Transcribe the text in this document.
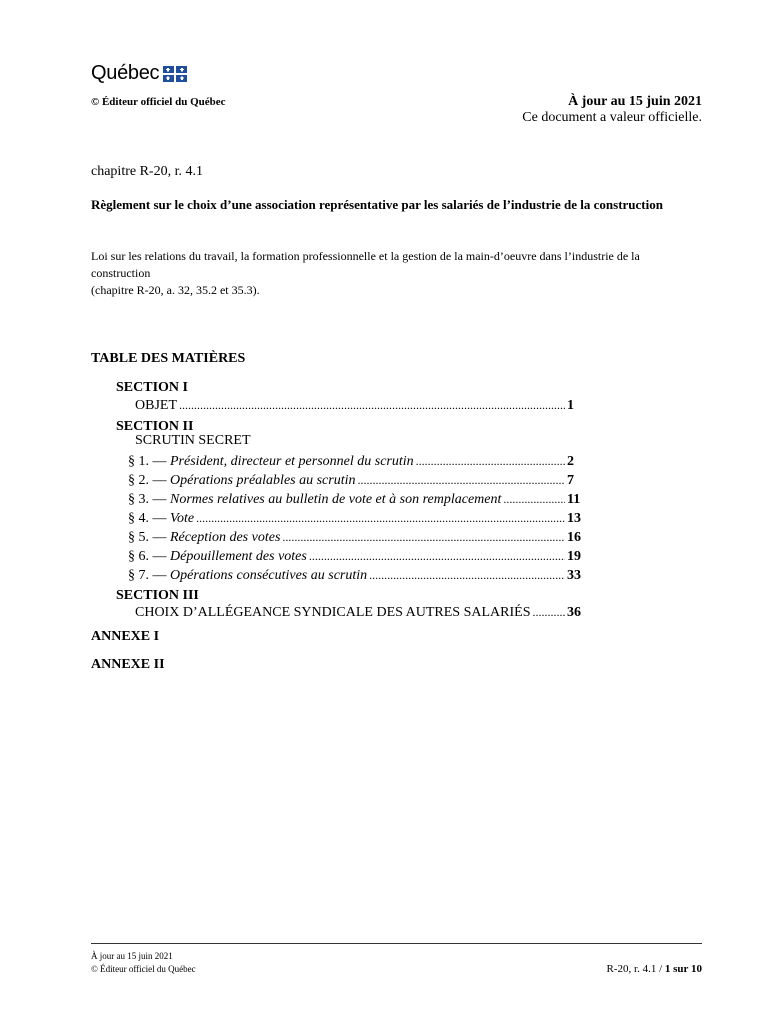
Québec
© Éditeur officiel du Québec	À jour au 15 juin 2021
Ce document a valeur officielle.
chapitre R-20, r. 4.1
Règlement sur le choix d’une association représentative par les salariés de l’industrie de la construction
Loi sur les relations du travail, la formation professionnelle et la gestion de la main-d’oeuvre dans l’industrie de la construction
(chapitre R-20, a. 32, 35.2 et 35.3).
TABLE DES MATIÈRES
SECTION I
OBJET .....	1
SECTION II
SCRUTIN SECRET
§ 1. — Président, directeur et personnel du scrutin .....	2
§ 2. — Opérations préalables au scrutin .....	7
§ 3. — Normes relatives au bulletin de vote et à son remplacement .....	11
§ 4. — Vote .....	13
§ 5. — Réception des votes .....	16
§ 6. — Dépouillement des votes .....	19
§ 7. — Opérations consécutives au scrutin .....	33
SECTION III
CHOIX D’ALLÉGEANCE SYNDICALE DES AUTRES SALARIÉS .....	36
ANNEXE I
ANNEXE II
À jour au 15 juin 2021
© Éditeur officiel du Québec	R-20, r. 4.1 / 1 sur 10
